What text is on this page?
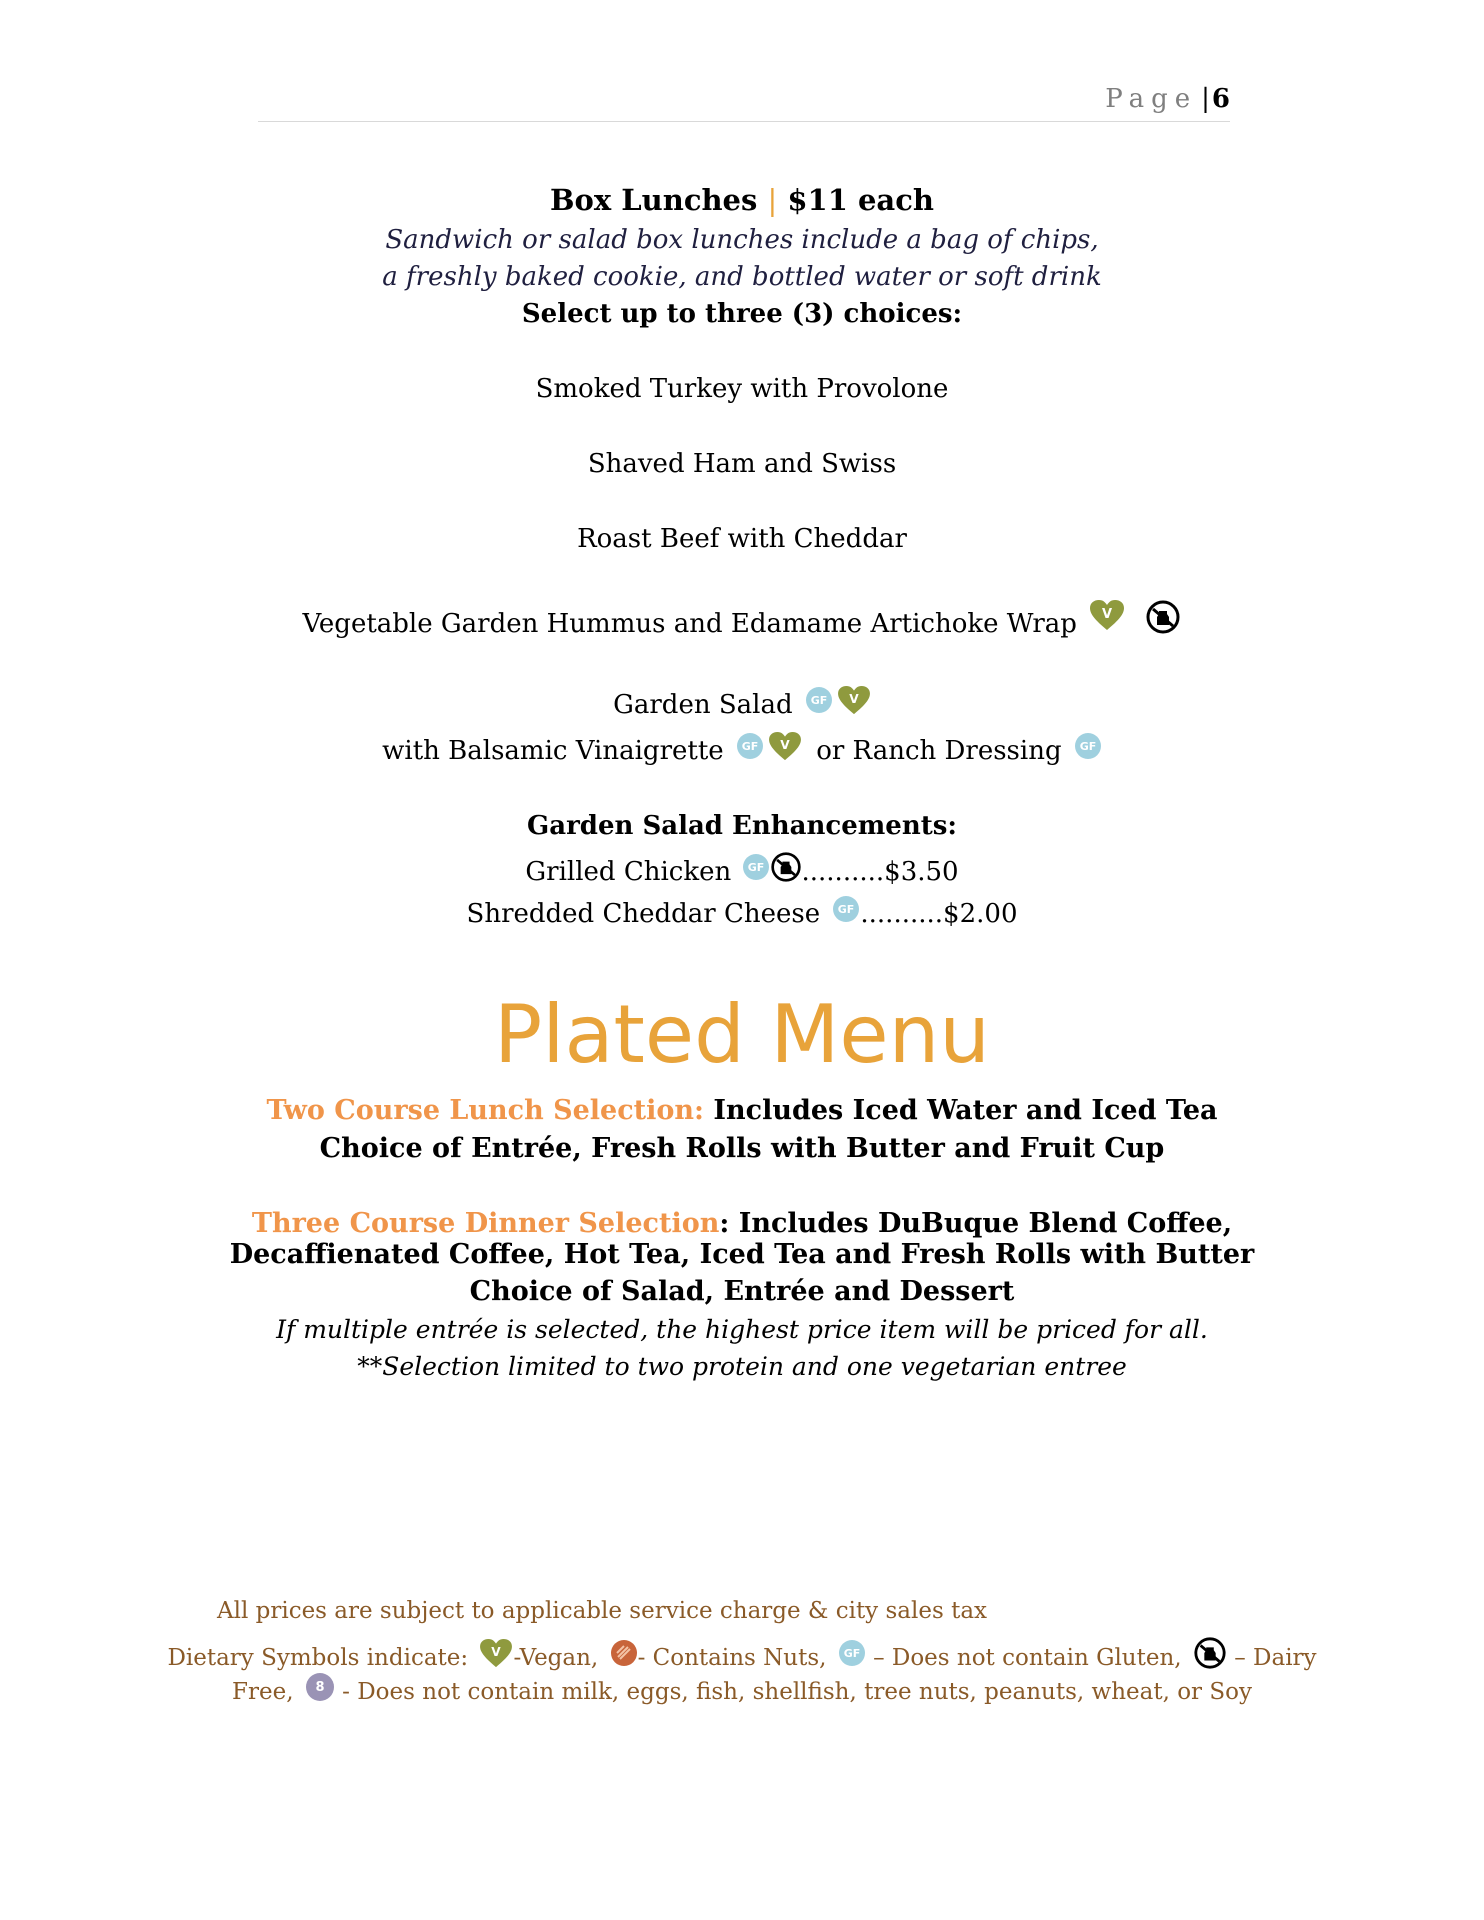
Page |6
Box Lunches | $11 each
Sandwich or salad box lunches include a bag of chips,
a freshly baked cookie, and bottled water or soft drink
Select up to three (3) choices:
Smoked Turkey with Provolone
Shaved Ham and Swiss
Roast Beef with Cheddar
Vegetable Garden Hummus and Edamame Artichoke Wrap V

Garden Salad GF V
with Balsamic Vinaigrette GF V or Ranch Dressing GF
Garden Salad Enhancements:
Grilled Chicken GF ..........$3.50
Shredded Cheddar Cheese GF ..........$2.00
Plated Menu
Two Course Lunch Selection: Includes Iced Water and Iced Tea
Choice of Entrée, Fresh Rolls with Butter and Fruit Cup
Three Course Dinner Selection: Includes DuBuque Blend Coffee,
Decaffienated Coffee, Hot Tea, Iced Tea and Fresh Rolls with Butter
Choice of Salad, Entrée and Dessert
If multiple entrée is selected, the highest price item will be priced for all.
**Selection limited to two protein and one vegetarian entree
All prices are subject to applicable service charge & city sales tax
Dietary Symbols indicate: V -Vegan, - Contains Nuts, GF – Does not contain Gluten, – Dairy
Free, 8 - Does not contain milk, eggs, fish, shellfish, tree nuts, peanuts, wheat, or Soy
